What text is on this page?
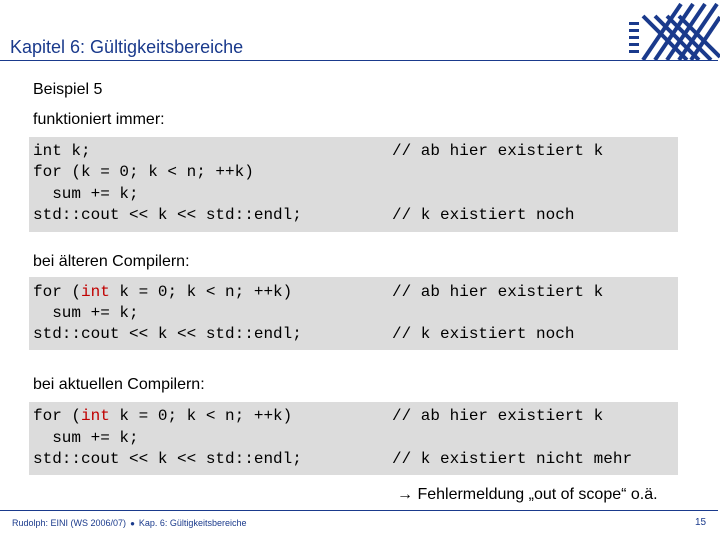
Kapitel 6: Gültigkeitsbereiche
Beispiel 5
funktioniert immer:
int k;
for (k = 0; k < n; ++k)
sum += k;
std::cout << k << std::endl;
// ab hier existiert k
// k existiert noch
bei älteren Compilern:
for (int k = 0; k < n; ++k)
sum += k;
std::cout << k << std::endl;
// ab hier existiert k
// k existiert noch
bei aktuellen Compilern:
for (int k = 0; k < n; ++k)
sum += k;
std::cout << k << std::endl;
// ab hier existiert k
// k existiert nicht mehr
→ Fehlermeldung „out of scope“ o.ä.
Rudolph: EINI (WS 2006/07) ● Kap. 6: Gültigkeitsbereiche	15
